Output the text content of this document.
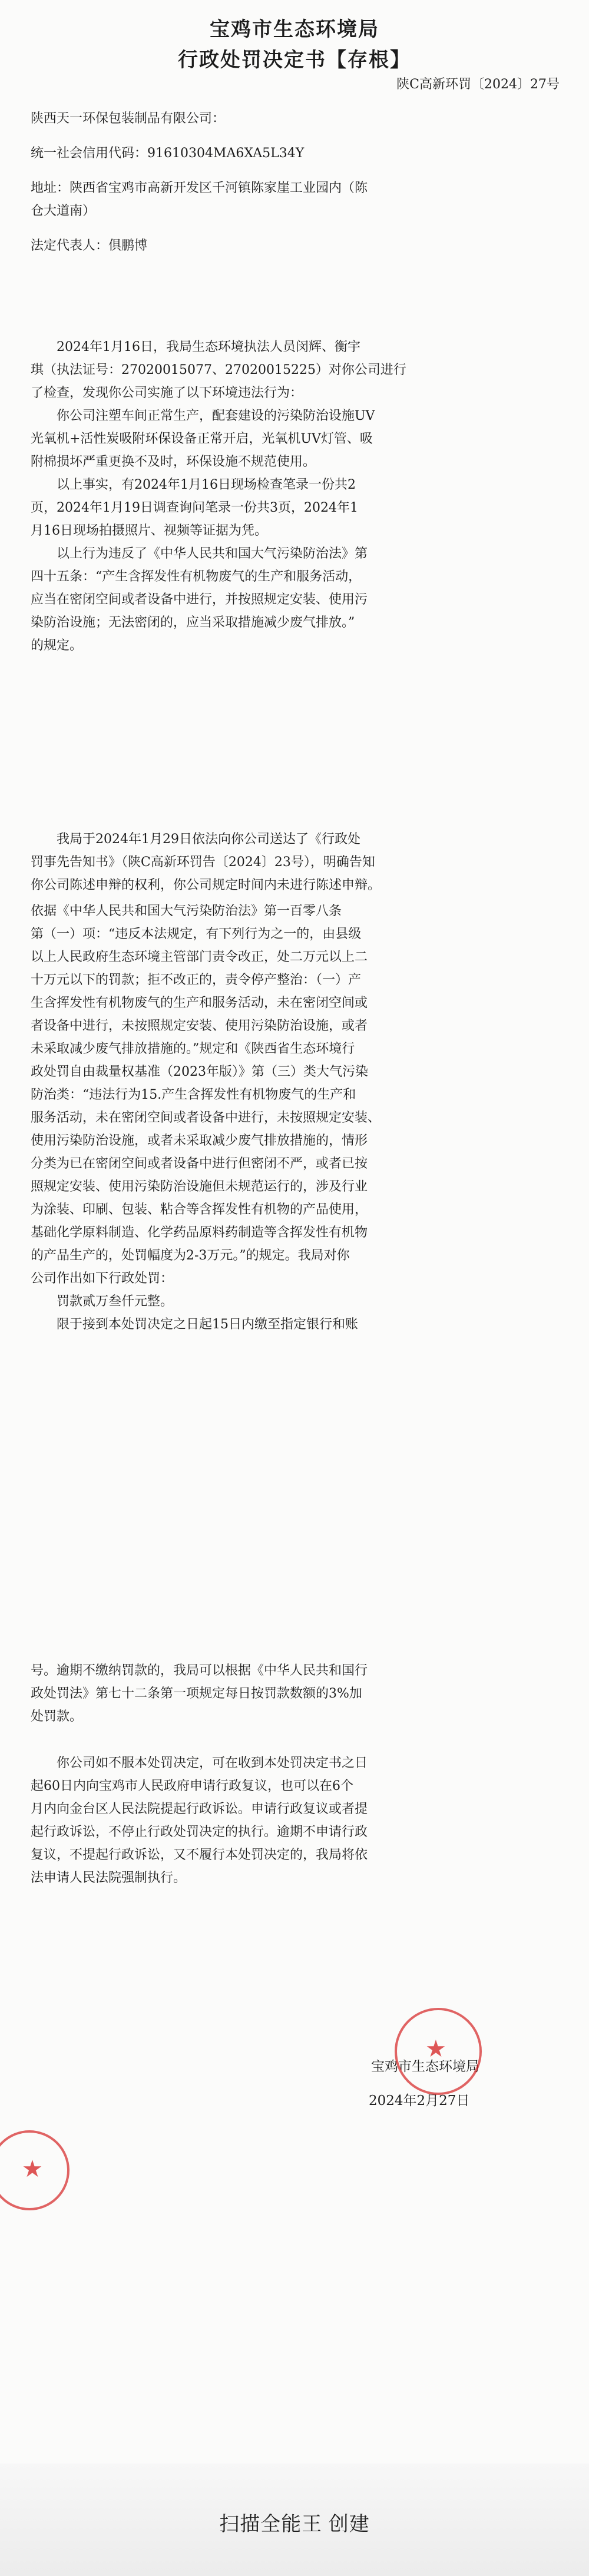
宝鸡市生态环境局
行政处罚决定书【存根】
陕C高新环罚〔2024〕27号

陕西天一环保包装制品有限公司：

统一社会信用代码：91610304MA6XA5L34Y

地址：陕西省宝鸡市高新开发区千河镇陈家崖工业园内（陈

仓大道南）

法定代表人：俱鹏博

2024年1月16日，我局生态环境执法人员闵辉、衡宇

琪（执法证号：27020015077、27020015225）对你公司进行

了检查，发现你公司实施了以下环境违法行为：

你公司注塑车间正常生产，配套建设的污染防治设施UV

光氧机+活性炭吸附环保设备正常开启，光氧机UV灯管、吸

附棉损坏严重更换不及时，环保设施不规范使用。

以上事实，有2024年1月16日现场检查笔录一份共2

页，2024年1月19日调查询问笔录一份共3页，2024年1

月16日现场拍摄照片、视频等证据为凭。

以上行为违反了《中华人民共和国大气污染防治法》第

四十五条：“产生含挥发性有机物废气的生产和服务活动，

应当在密闭空间或者设备中进行，并按照规定安装、使用污

染防治设施；无法密闭的，应当采取措施减少废气排放。”

的规定。

我局于2024年1月29日依法向你公司送达了《行政处

罚事先告知书》（陕C高新环罚告〔2024〕23号），明确告知

你公司陈述申辩的权利，你公司规定时间内未进行陈述申辩。

依据《中华人民共和国大气污染防治法》第一百零八条

第（一）项：“违反本法规定，有下列行为之一的，由县级

以上人民政府生态环境主管部门责令改正，处二万元以上二

十万元以下的罚款；拒不改正的，责令停产整治：（一）产

生含挥发性有机物废气的生产和服务活动，未在密闭空间或

者设备中进行，未按照规定安装、使用污染防治设施，或者

未采取减少废气排放措施的。”规定和《陕西省生态环境行

政处罚自由裁量权基准（2023年版）》第（三）类大气污染

防治类：“违法行为15.产生含挥发性有机物废气的生产和

服务活动，未在密闭空间或者设备中进行，未按照规定安装、

使用污染防治设施，或者未采取减少废气排放措施的，情形

分类为已在密闭空间或者设备中进行但密闭不严，或者已按

照规定安装、使用污染防治设施但未规范运行的，涉及行业

为涂装、印刷、包装、粘合等含挥发性有机物的产品使用，

基础化学原料制造、化学药品原料药制造等含挥发性有机物

的产品生产的，处罚幅度为2-3万元。”的规定。我局对你

公司作出如下行政处罚：

罚款贰万叁仟元整。

限于接到本处罚决定之日起15日内缴至指定银行和账

号。逾期不缴纳罚款的，我局可以根据《中华人民共和国行

政处罚法》第七十二条第一项规定每日按罚款数额的3%加

处罚款。

你公司如不服本处罚决定，可在收到本处罚决定书之日

起60日内向宝鸡市人民政府申请行政复议，也可以在6个

月内向金台区人民法院提起行政诉讼。申请行政复议或者提

起行政诉讼，不停止行政处罚决定的执行。逾期不申请行政

复议，不提起行政诉讼，又不履行本处罚决定的，我局将依

法申请人民法院强制执行。

宝鸡市生态环境局
2024年2月27日
★
★
扫描全能王 创建
